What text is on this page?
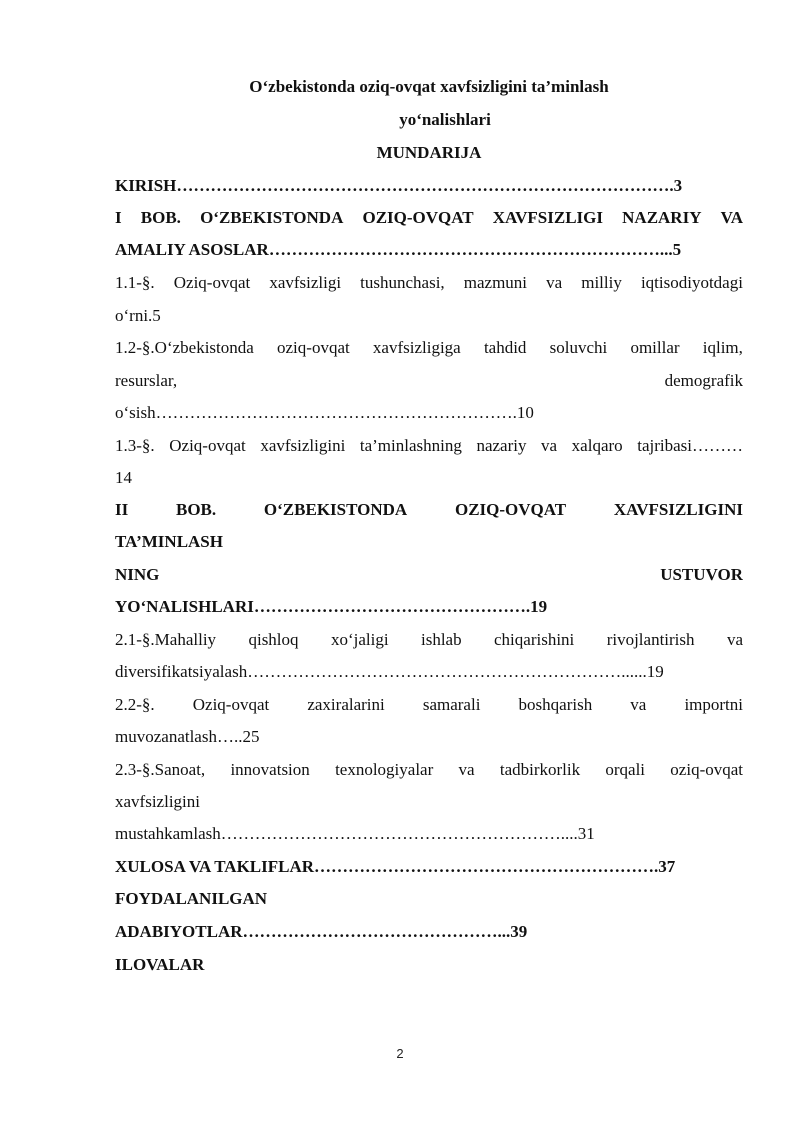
O‘zbekistonda oziq-ovqat xavfsizligini ta’minlash
yo‘nalishlari
MUNDARIJA
KIRISH…………………………………………………………………………….3
I BOB. O‘ZBEKISTONDA OZIQ-OVQAT XAVFSIZLIGI NAZARIY VA
AMALIY ASOSLAR……………………………………………………………...5
1.1-§. Oziq-ovqat xavfsizligi tushunchasi, mazmuni va milliy iqtisodiyotdagi
o‘rni.5
1.2-§.O‘zbekistonda oziq-ovqat xavfsizligiga tahdid soluvchi omillar iqlim,
resurslar,	demografik
o‘sish……………………………………………………….10
1.3-§. Oziq-ovqat xavfsizligini ta’minlashning nazariy va xalqaro tajribasi………
14
II	BOB.	O‘ZBEKISTONDA	OZIQ-OVQAT	XAVFSIZLIGINI
TA’MINLASH
NING	USTUVOR
YO‘NALISHLARI………………………………………….19
2.1-§.Mahalliy qishloq xo‘jaligi ishlab chiqarishini rivojlantirish va
diversifikatsiyalash…………………………………………………………......19
2.2-§. Oziq-ovqat zaxiralarini samarali boshqarish va importni
muvozanatlash…..25
2.3-§.Sanoat, innovatsion texnologiyalar va tadbirkorlik orqali oziq-ovqat
xavfsizligini
mustahkamlash……………………………………………………....31
XULOSA VA TAKLIFLAR…………………………………………………….37
FOYDALANILGAN
ADABIYOTLAR………………………………………...39
ILOVALAR
2
